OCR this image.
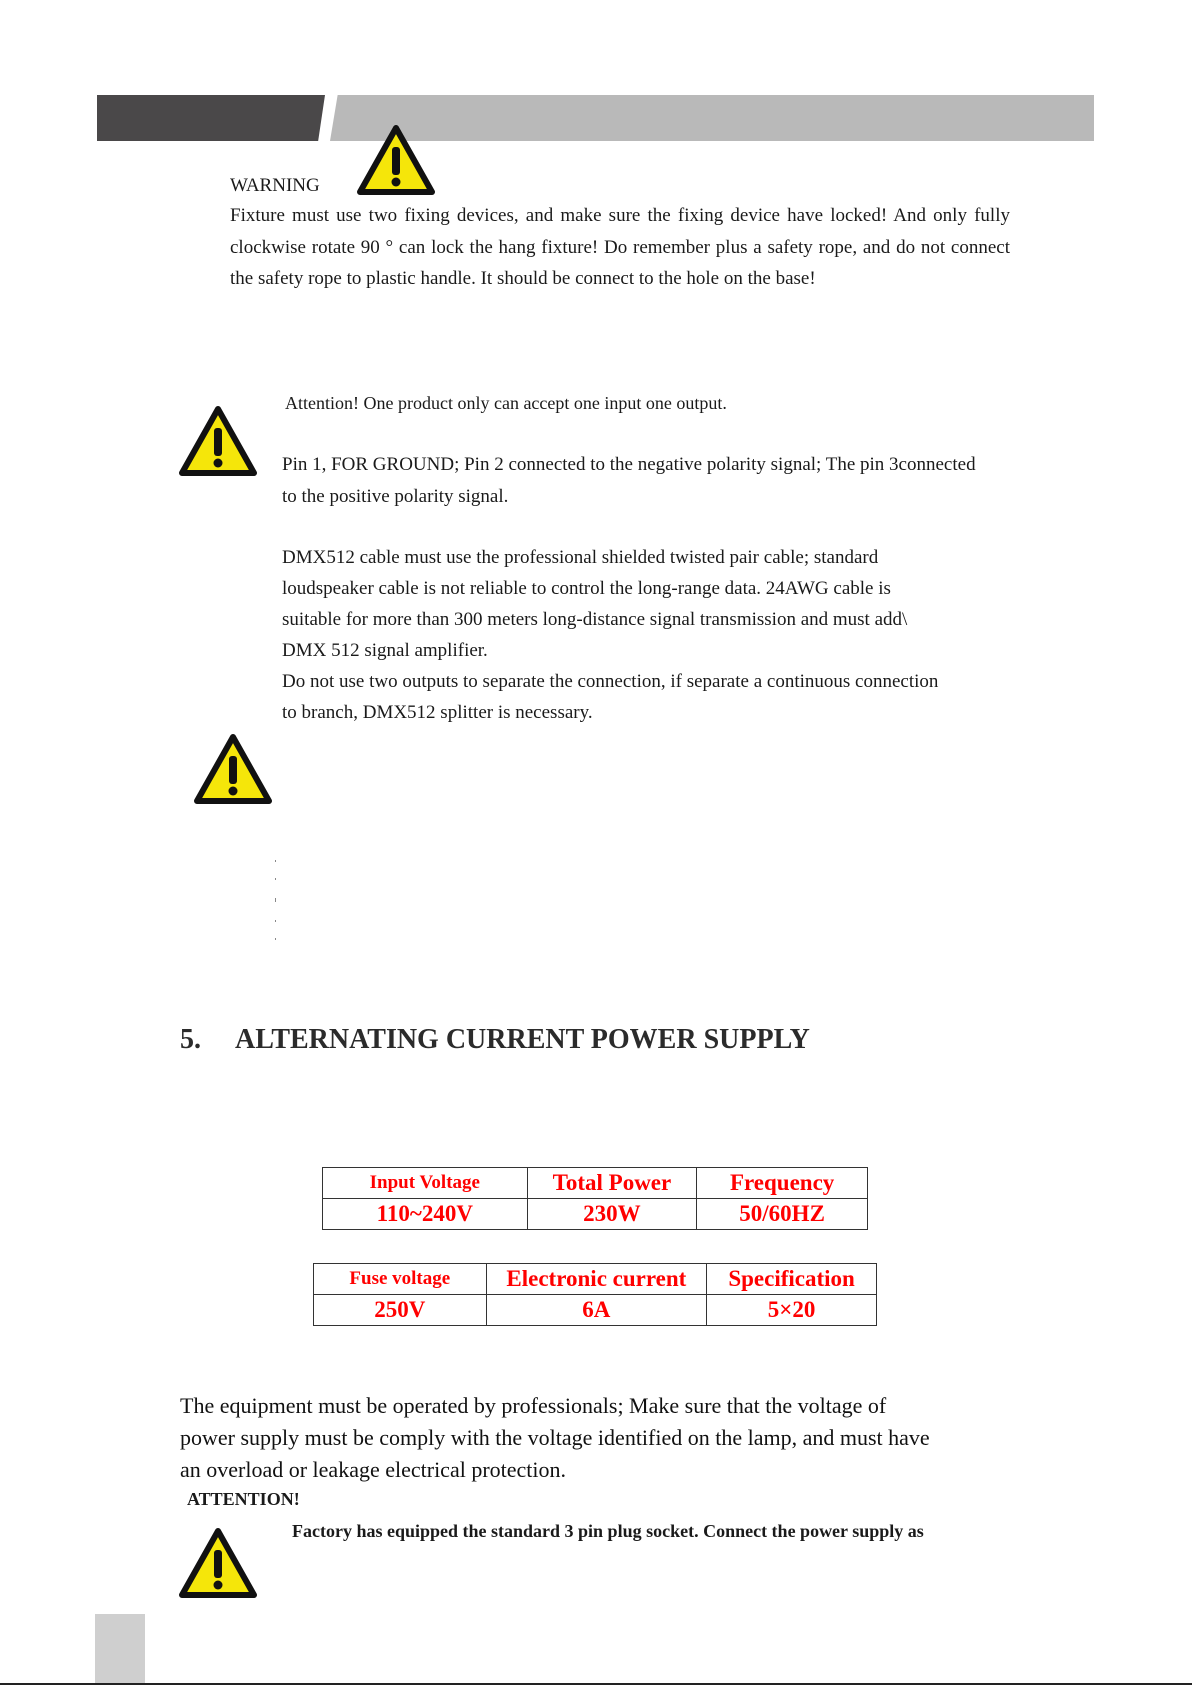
WARNING
Fixture must use two fixing devices, and make sure the fixing device have locked! And only fully clockwise rotate 90 ° can lock the hang fixture! Do remember plus a safety rope, and do not connect the safety rope to plastic handle. It should be connect to the hole on the base!
Attention! One product only can accept one input one output.
Pin 1, FOR GROUND; Pin 2 connected to the negative polarity signal; The pin 3connected to the positive polarity signal.
DMX512 cable must use the professional shielded twisted pair cable; standard
loudspeaker cable is not reliable to control the long-range data. 24AWG cable is
suitable for more than 300 meters long-distance signal transmission and must add\
DMX 512 signal amplifier.
Do not use two outputs to separate the connection, if separate a continuous connection
to branch, DMX512 splitter is necessary.
5. ALTERNATING CURRENT POWER SUPPLY
Input Voltage	Total Power	Frequency
110~240V	230W	50/60HZ
Fuse voltage	Electronic current	Specification
250V	6A	5×20
The equipment must be operated by professionals; Make sure that the voltage of
power supply must be comply with the voltage identified on the lamp, and must have
an overload or leakage electrical protection.
ATTENTION!
Factory has equipped the standard 3 pin plug socket. Connect the power supply as
